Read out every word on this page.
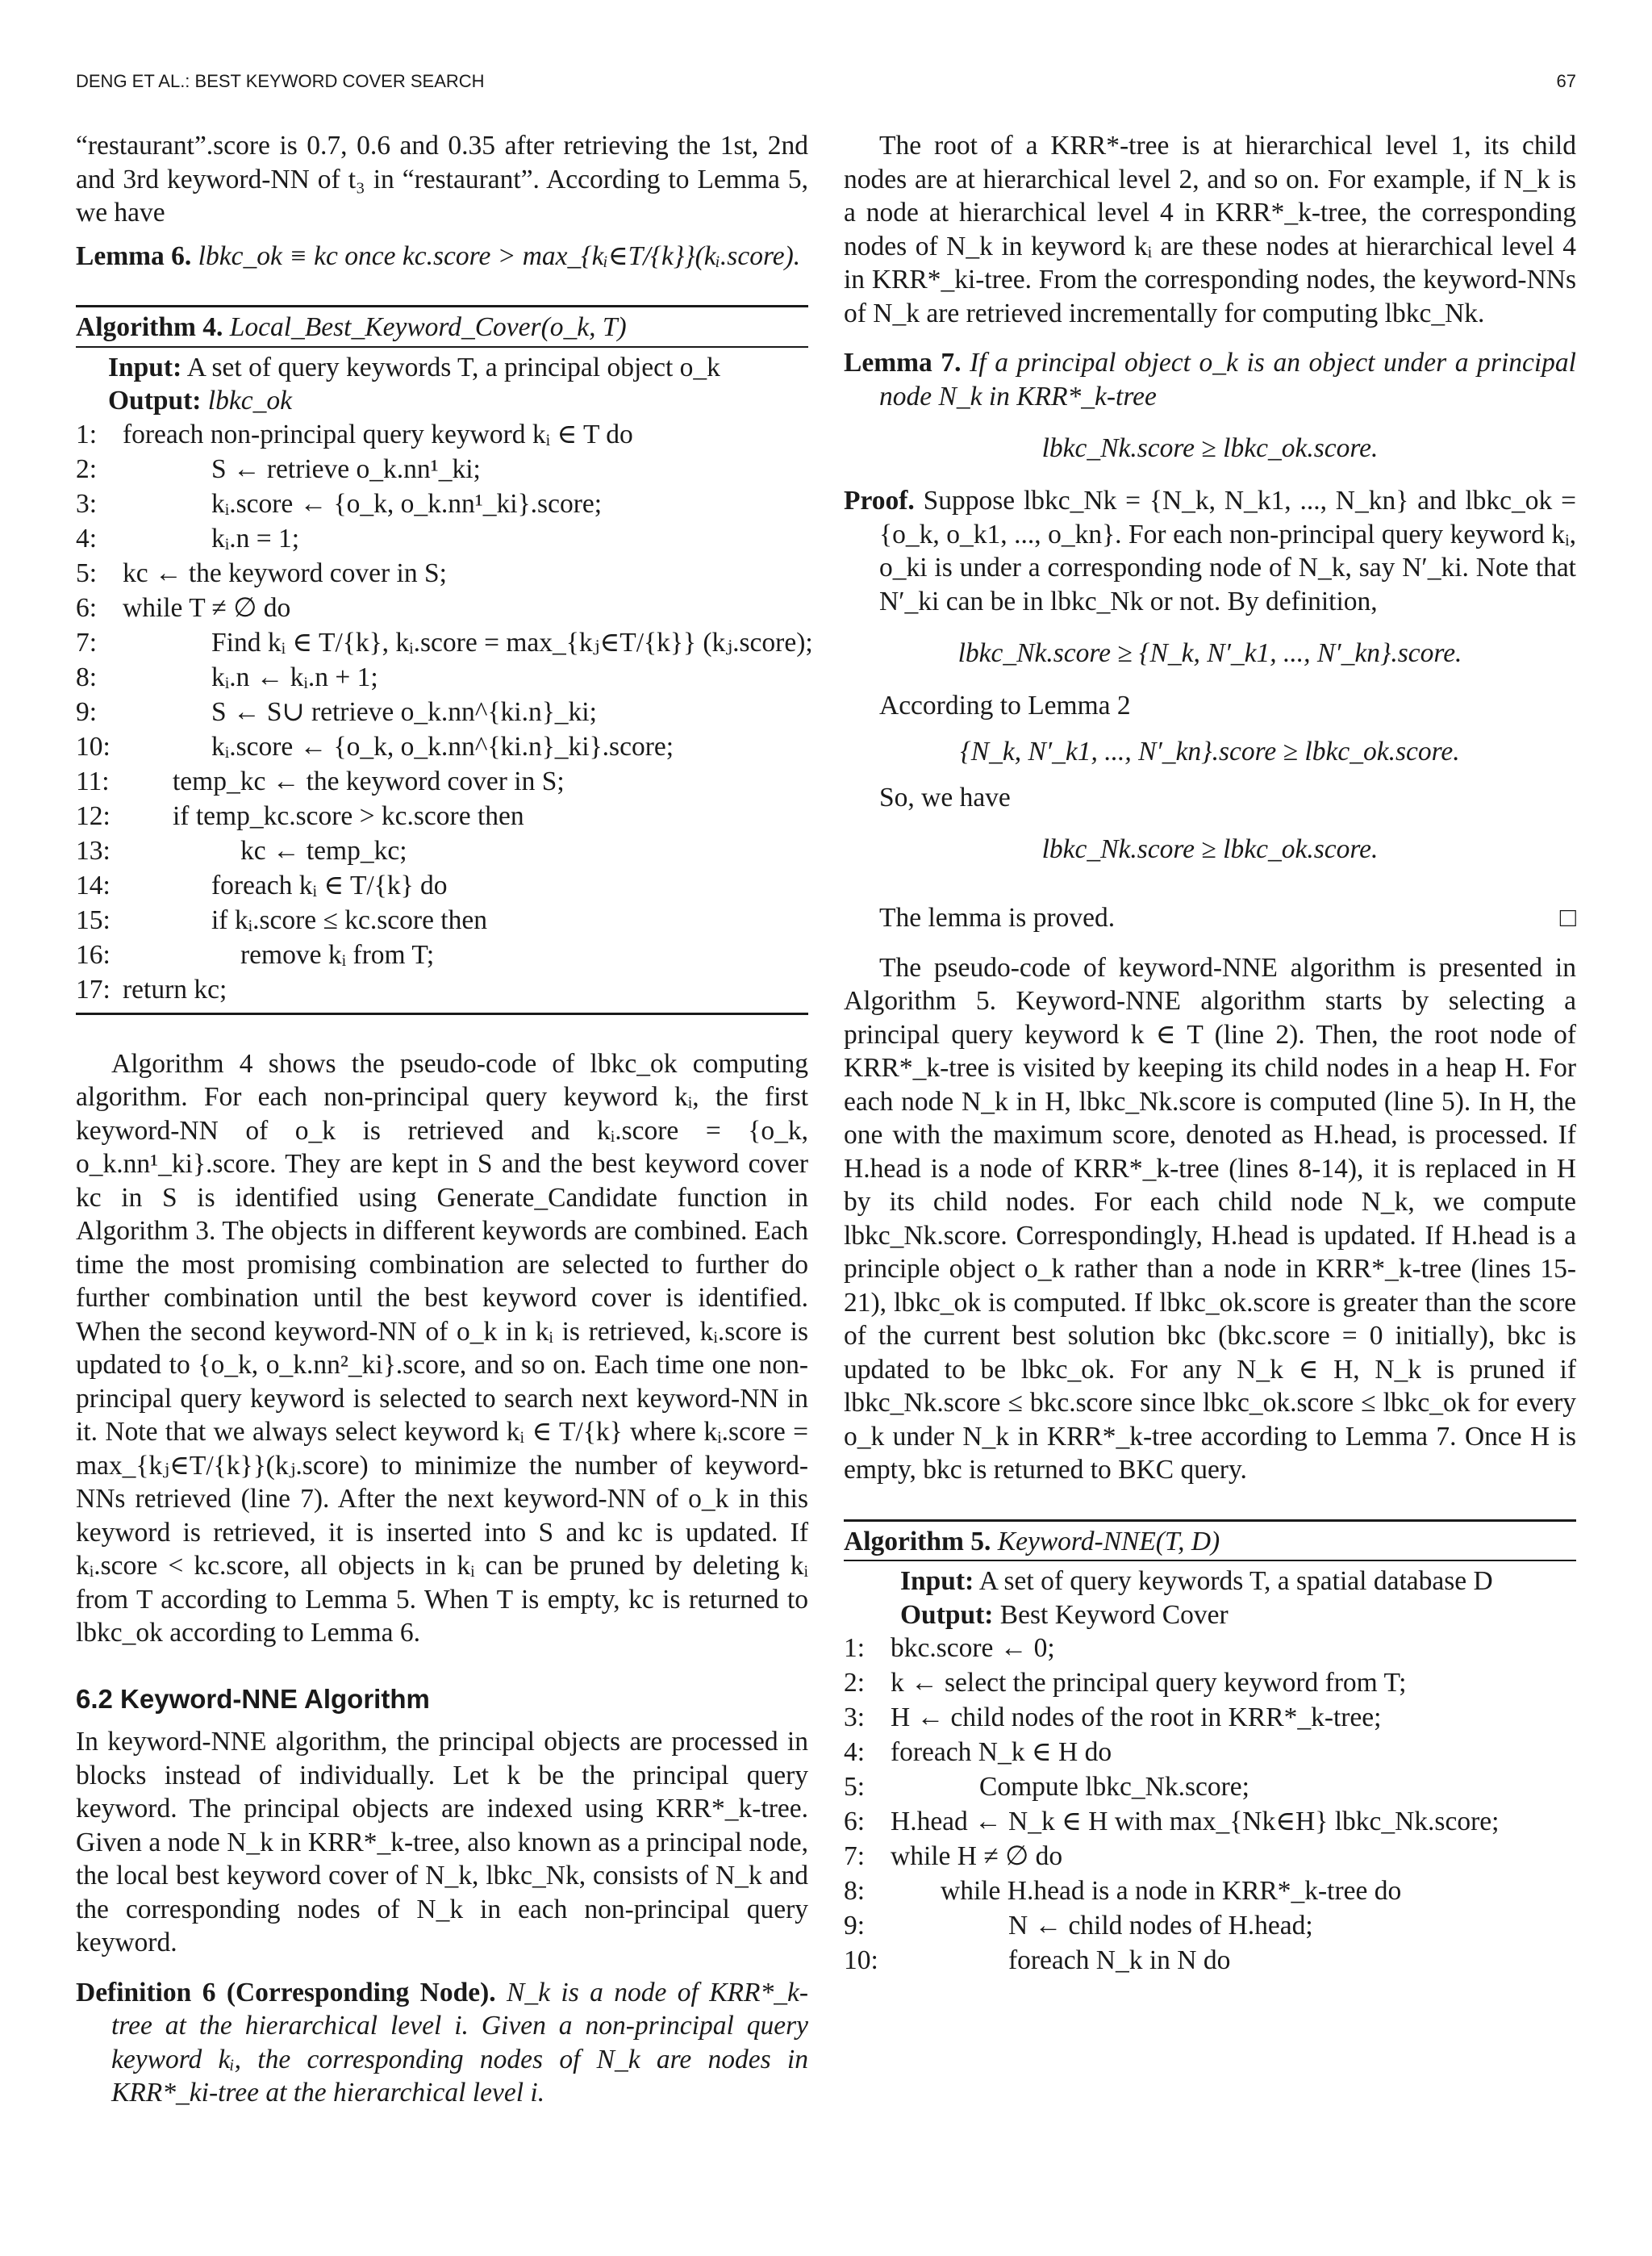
DENG ET AL.: BEST KEYWORD COVER SEARCH	67

“restaurant”.score is 0.7, 0.6 and 0.35 after retrieving the 1st, 2nd and 3rd keyword-NN of t₃ in “restaurant”. According to Lemma 5, we have

Lemma 6. lbkc_ok ≡ kc once kc.score > max_{kᵢ∈T/{k}}(kᵢ.score).

Algorithm 4. Local_Best_Keyword_Cover(o_k, T)
Input: A set of query keywords T, a principal object o_k
Output: lbkc_ok
1: foreach non-principal query keyword kᵢ ∈ T do
2:	S ← retrieve o_k.nn¹_ki;
3:	kᵢ.score ← {o_k, o_k.nn¹_ki}.score;
4:	kᵢ.n = 1;
5: kc ← the keyword cover in S;
6: while T ≠ ∅ do
7:	Find kᵢ ∈ T/{k}, kᵢ.score = max_{kⱼ∈T/{k}} (kⱼ.score);
8:	kᵢ.n ← kᵢ.n + 1;
9:	S ← S∪ retrieve o_k.nn^{ki.n}_ki;
10:	kᵢ.score ← {o_k, o_k.nn^{ki.n}_ki}.score;
11: temp_kc ← the keyword cover in S;
12: if temp_kc.score > kc.score then
13:	kc ← temp_kc;
14:	foreach kᵢ ∈ T/{k} do
15:	if kᵢ.score ≤ kc.score then
16:	remove kᵢ from T;
17: return kc;

Algorithm 4 shows the pseudo-code of lbkc_ok computing algorithm. For each non-principal query keyword kᵢ, the first keyword-NN of o_k is retrieved and kᵢ.score = {o_k, o_k.nn¹_ki}.score. They are kept in S and the best keyword cover kc in S is identified using Generate_Candidate function in Algorithm 3. The objects in different keywords are combined. Each time the most promising combination are selected to further do further combination until the best keyword cover is identified. When the second keyword-NN of o_k in kᵢ is retrieved, kᵢ.score is updated to {o_k, o_k.nn²_ki}.score, and so on. Each time one non-principal query keyword is selected to search next keyword-NN in it. Note that we always select keyword kᵢ ∈ T/{k} where kᵢ.score = max_{kⱼ∈T/{k}}(kⱼ.score) to minimize the number of keyword-NNs retrieved (line 7). After the next keyword-NN of o_k in this keyword is retrieved, it is inserted into S and kc is updated. If kᵢ.score < kc.score, all objects in kᵢ can be pruned by deleting kᵢ from T according to Lemma 5. When T is empty, kc is returned to lbkc_ok according to Lemma 6.

6.2 Keyword-NNE Algorithm

In keyword-NNE algorithm, the principal objects are processed in blocks instead of individually. Let k be the principal query keyword. The principal objects are indexed using KRR*_k-tree. Given a node N_k in KRR*_k-tree, also known as a principal node, the local best keyword cover of N_k, lbkc_Nk, consists of N_k and the corresponding nodes of N_k in each non-principal query keyword.

Definition 6 (Corresponding Node). N_k is a node of KRR*_k-tree at the hierarchical level i. Given a non-principal query keyword kᵢ, the corresponding nodes of N_k are nodes in KRR*_ki-tree at the hierarchical level i.

The root of a KRR*-tree is at hierarchical level 1, its child nodes are at hierarchical level 2, and so on. For example, if N_k is a node at hierarchical level 4 in KRR*_k-tree, the corresponding nodes of N_k in keyword kᵢ are these nodes at hierarchical level 4 in KRR*_ki-tree. From the corresponding nodes, the keyword-NNs of N_k are retrieved incrementally for computing lbkc_Nk.

Lemma 7. If a principal object o_k is an object under a principal node N_k in KRR*_k-tree

lbkc_Nk.score ≥ lbkc_ok.score.

Proof. Suppose lbkc_Nk = {N_k, N_k1, ..., N_kn} and lbkc_ok = {o_k, o_k1, ..., o_kn}. For each non-principal query keyword kᵢ, o_ki is under a corresponding node of N_k, say N′_ki. Note that N′_ki can be in lbkc_Nk or not. By definition,

lbkc_Nk.score ≥ {N_k, N′_k1, ..., N′_kn}.score.

According to Lemma 2

{N_k, N′_k1, ..., N′_kn}.score ≥ lbkc_ok.score.

So, we have

lbkc_Nk.score ≥ lbkc_ok.score.

The lemma is proved.	□

The pseudo-code of keyword-NNE algorithm is presented in Algorithm 5. Keyword-NNE algorithm starts by selecting a principal query keyword k ∈ T (line 2). Then, the root node of KRR*_k-tree is visited by keeping its child nodes in a heap H. For each node N_k in H, lbkc_Nk.score is computed (line 5). In H, the one with the maximum score, denoted as H.head, is processed. If H.head is a node of KRR*_k-tree (lines 8-14), it is replaced in H by its child nodes. For each child node N_k, we compute lbkc_Nk.score. Correspondingly, H.head is updated. If H.head is a principle object o_k rather than a node in KRR*_k-tree (lines 15-21), lbkc_ok is computed. If lbkc_ok.score is greater than the score of the current best solution bkc (bkc.score = 0 initially), bkc is updated to be lbkc_ok. For any N_k ∈ H, N_k is pruned if lbkc_Nk.score ≤ bkc.score since lbkc_ok.score ≤ lbkc_ok for every o_k under N_k in KRR*_k-tree according to Lemma 7. Once H is empty, bkc is returned to BKC query.

Algorithm 5. Keyword-NNE(T, D)
Input: A set of query keywords T, a spatial database D
Output: Best Keyword Cover
1: bkc.score ← 0;
2: k ← select the principal query keyword from T;
3: H ← child nodes of the root in KRR*_k-tree;
4: foreach N_k ∈ H do
5:	Compute lbkc_Nk.score;
6: H.head ← N_k ∈ H with max_{Nk∈H} lbkc_Nk.score;
7: while H ≠ ∅ do
8:	while H.head is a node in KRR*_k-tree do
9:	N ← child nodes of H.head;
10:	foreach N_k in N do
